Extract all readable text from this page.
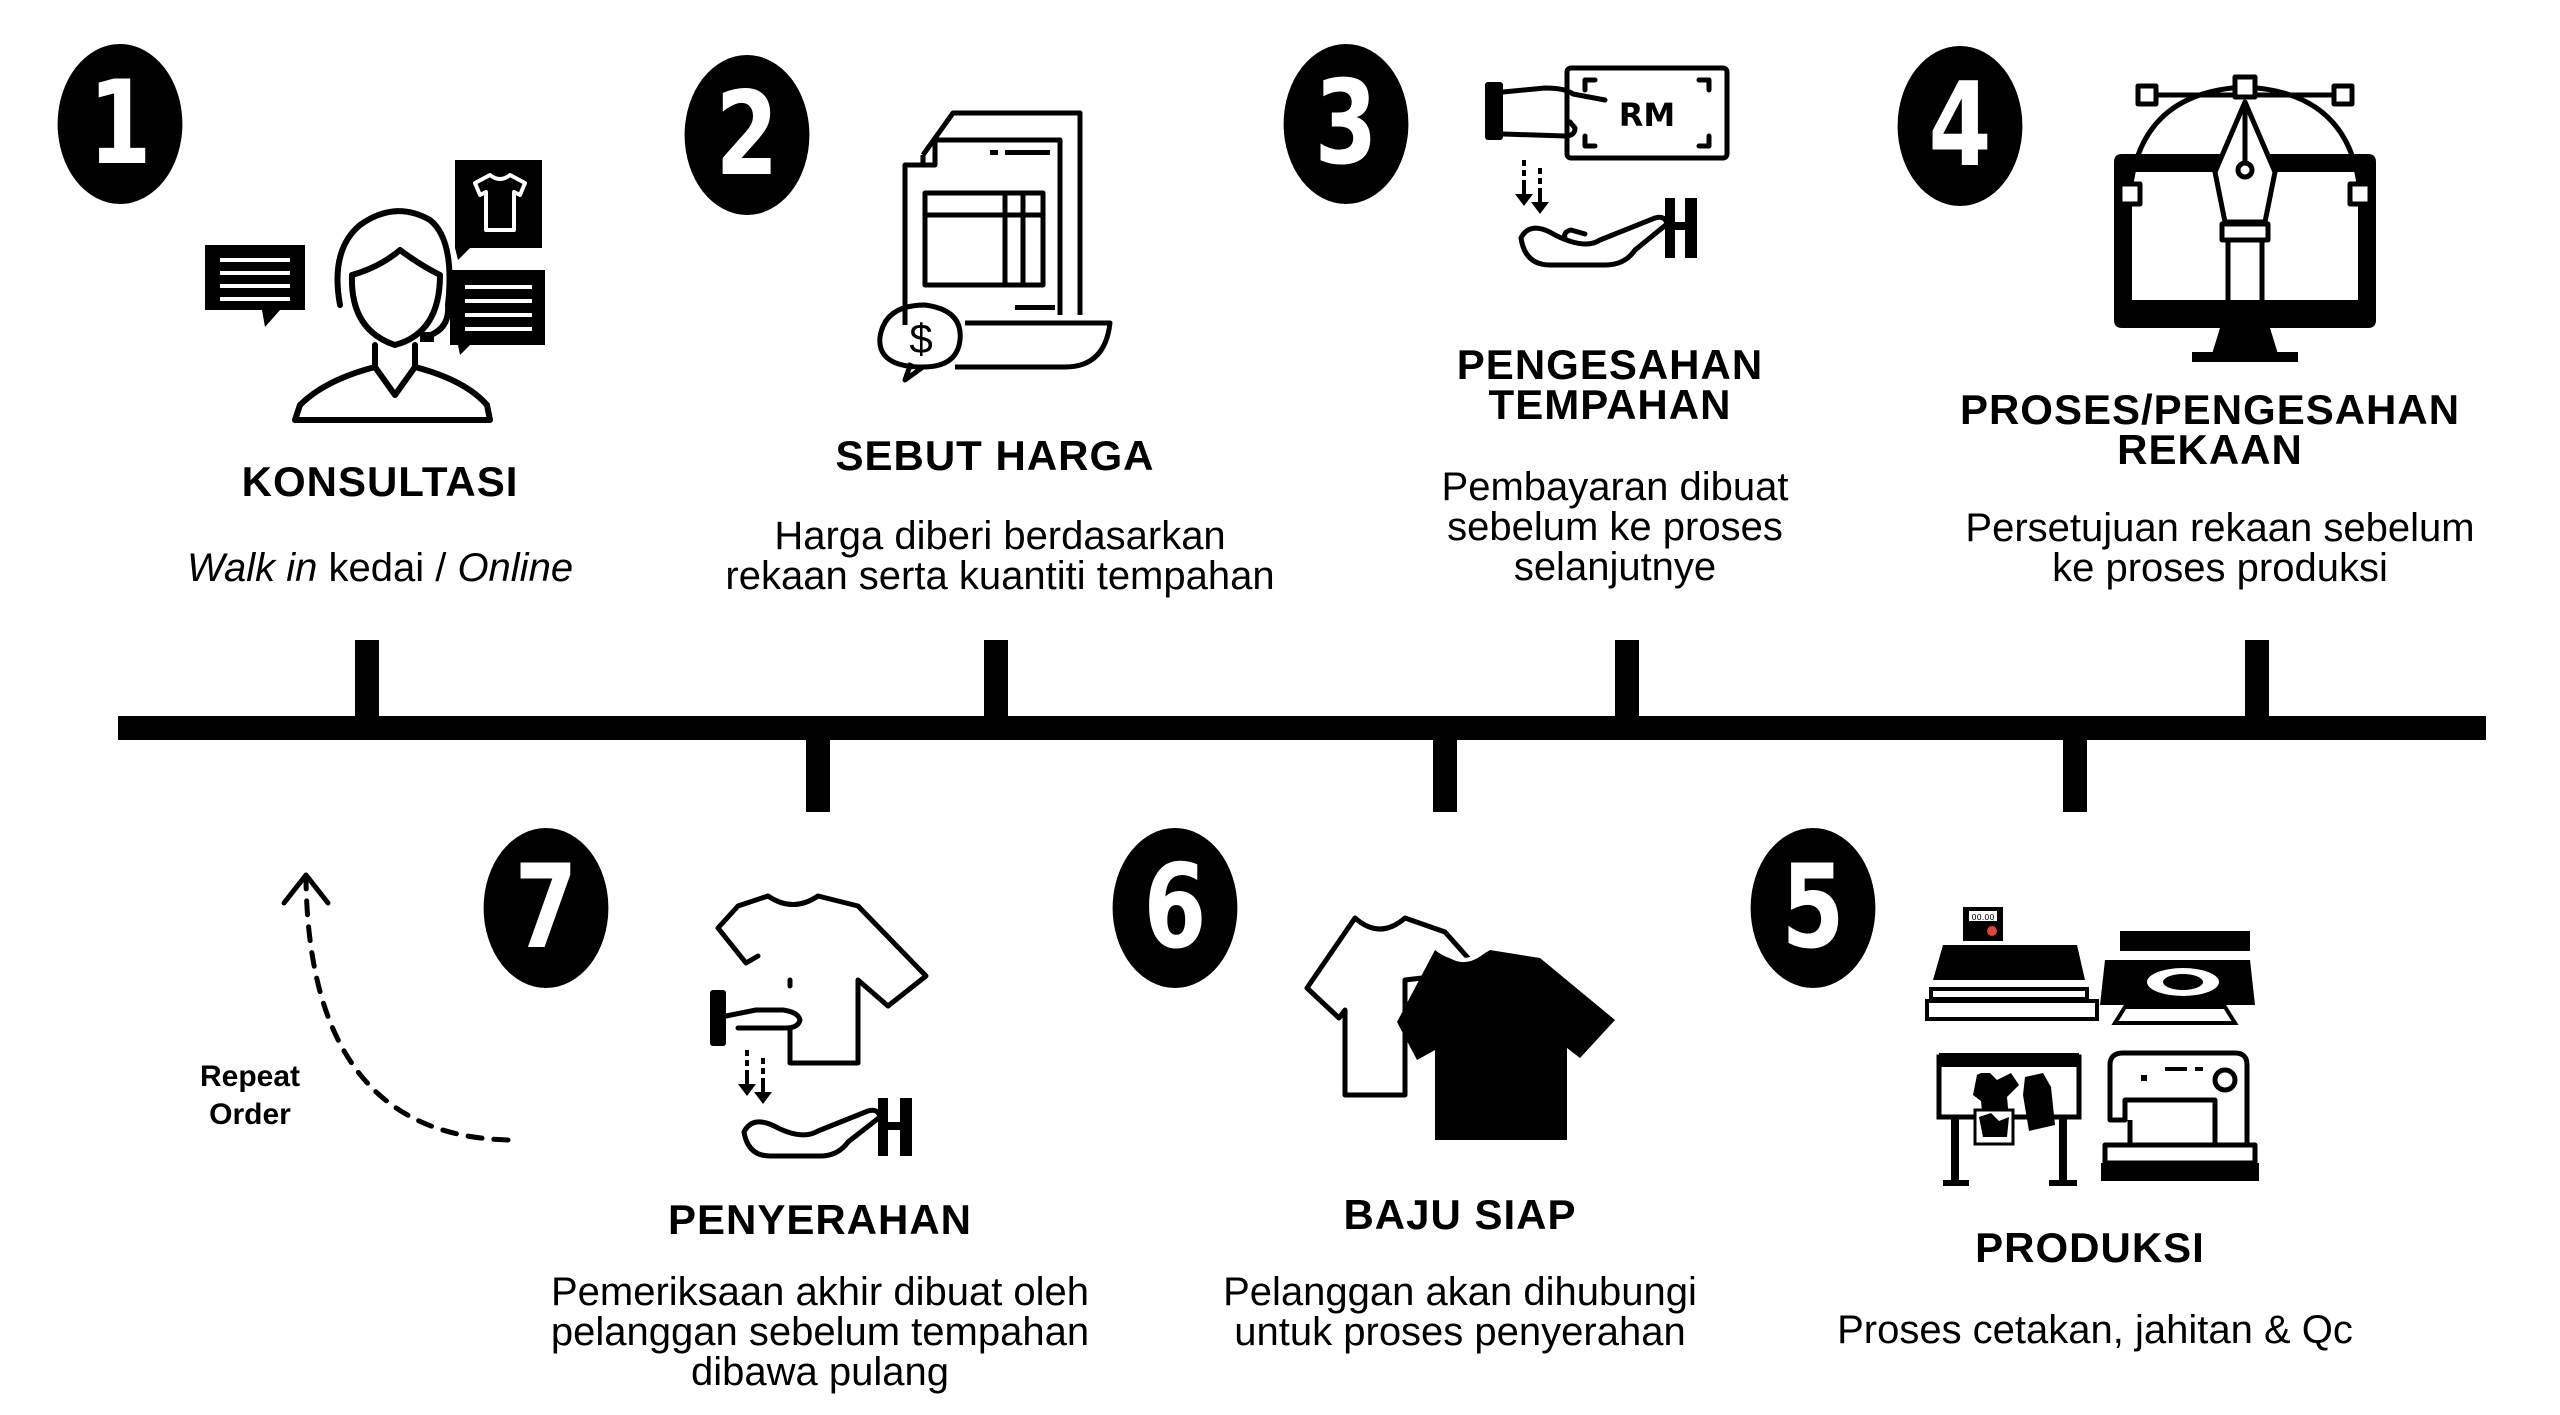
1
KONSULTASI
Walk in kedai / Online
2
$
SEBUT HARGA
Harga diberi berdasarkan
rekaan serta kuantiti tempahan
3	RM
PENGESAHAN
TEMPAHAN
Pembayaran dibuat
sebelum ke proses
selanjutnye
4
PROSES/PENGESAHAN
REKAAN
Persetujuan rekaan sebelum
ke proses produksi
7
PENYERAHAN
Pemeriksaan akhir dibuat oleh
pelanggan sebelum tempahan
dibawa pulang
6
BAJU SIAP
Pelanggan akan dihubungi
untuk proses penyerahan
5	00.00
PRODUKSI
Proses cetakan, jahitan & Qc
Repeat
Order
